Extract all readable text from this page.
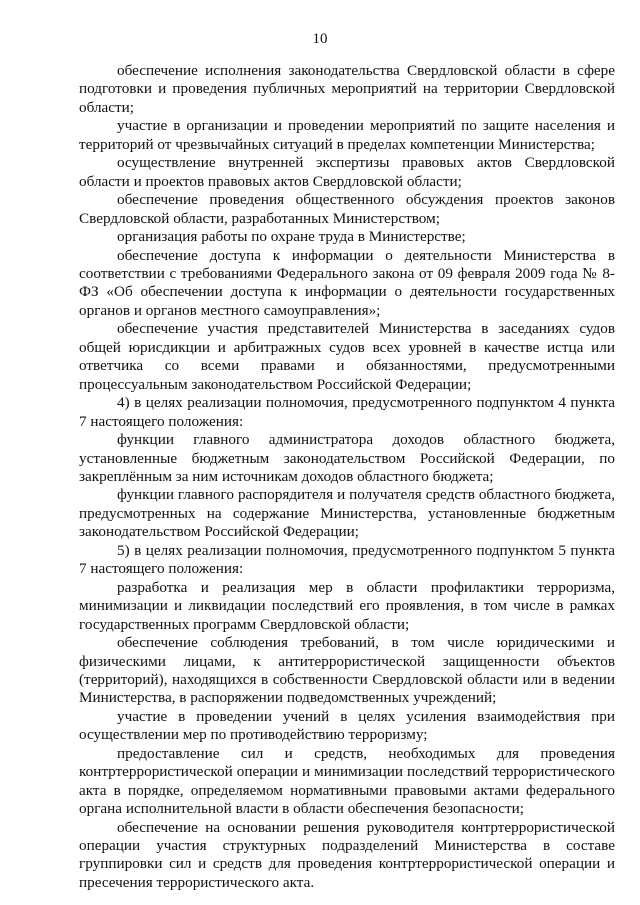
10

обеспечение исполнения законодательства Свердловской области в сфере подготовки и проведения публичных мероприятий на территории Свердловской области;

участие в организации и проведении мероприятий по защите населения и территорий от чрезвычайных ситуаций в пределах компетенции Министерства;

осуществление внутренней экспертизы правовых актов Свердловской области и проектов правовых актов Свердловской области;

обеспечение проведения общественного обсуждения проектов законов Свердловской области, разработанных Министерством;

организация работы по охране труда в Министерстве;

обеспечение доступа к информации о деятельности Министерства в соответствии с требованиями Федерального закона от 09 февраля 2009 года № 8-ФЗ «Об обеспечении доступа к информации о деятельности государственных органов и органов местного самоуправления»;

обеспечение участия представителей Министерства в заседаниях судов общей юрисдикции и арбитражных судов всех уровней в качестве истца или ответчика со всеми правами и обязанностями, предусмотренными процессуальным законодательством Российской Федерации;

4) в целях реализации полномочия, предусмотренного подпунктом 4 пункта 7 настоящего положения:

функции главного администратора доходов областного бюджета, установленные бюджетным законодательством Российской Федерации, по закреплённым за ним источникам доходов областного бюджета;

функции главного распорядителя и получателя средств областного бюджета, предусмотренных на содержание Министерства, установленные бюджетным законодательством Российской Федерации;

5) в целях реализации полномочия, предусмотренного подпунктом 5 пункта 7 настоящего положения:

разработка и реализация мер в области профилактики терроризма, минимизации и ликвидации последствий его проявления, в том числе в рамках государственных программ Свердловской области;

обеспечение соблюдения требований, в том числе юридическими и физическими лицами, к антитеррористической защищенности объектов (территорий), находящихся в собственности Свердловской области или в ведении Министерства, в распоряжении подведомственных учреждений;

участие в проведении учений в целях усиления взаимодействия при осуществлении мер по противодействию терроризму;

предоставление сил и средств, необходимых для проведения контртеррористической операции и минимизации последствий террористического акта в порядке, определяемом нормативными правовыми актами федерального органа исполнительной власти в области обеспечения безопасности;

обеспечение на основании решения руководителя контртеррористической операции участия структурных подразделений Министерства в составе группировки сил и средств для проведения контртеррористической операции и пресечения террористического акта.
